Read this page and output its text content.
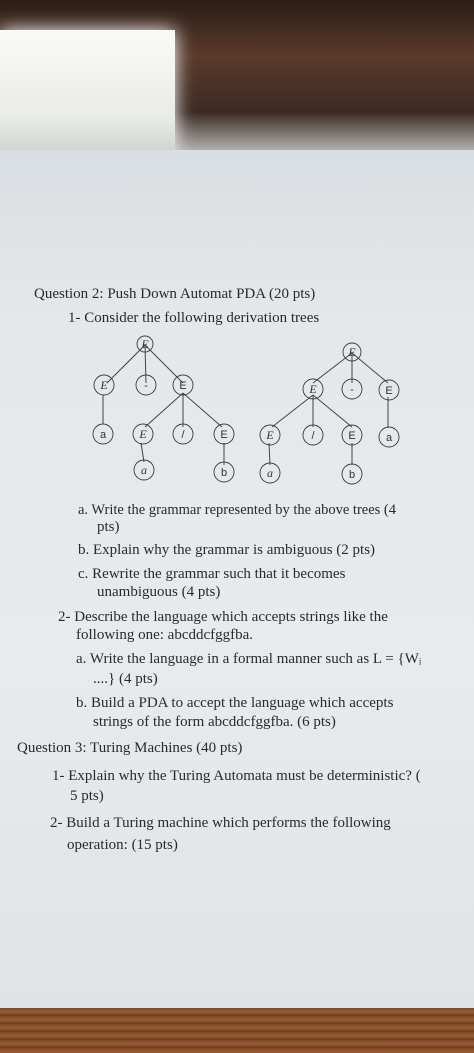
Question 2: Push Down Automat PDA (20 pts)
1- Consider the following derivation trees
E
E	-	E
a	E	/	E
a	b
E
E	-	E
E	/	E	a
a	b
a. Write the grammar represented by the above trees (4
pts)
b. Explain why the grammar is ambiguous (2 pts)
c. Rewrite the grammar such that it becomes
unambiguous (4 pts)
2- Describe the language which accepts strings like the
following one: abcddcfggfba.
a. Write the language in a formal manner such as L = {Wᵢ
....} (4 pts)
b. Build a PDA to accept the language which accepts
strings of the form abcddcfggfba. (6 pts)
Question 3: Turing Machines (40 pts)
1- Explain why the Turing Automata must be deterministic? (
5 pts)
2- Build a Turing machine which performs the following
operation: (15 pts)
